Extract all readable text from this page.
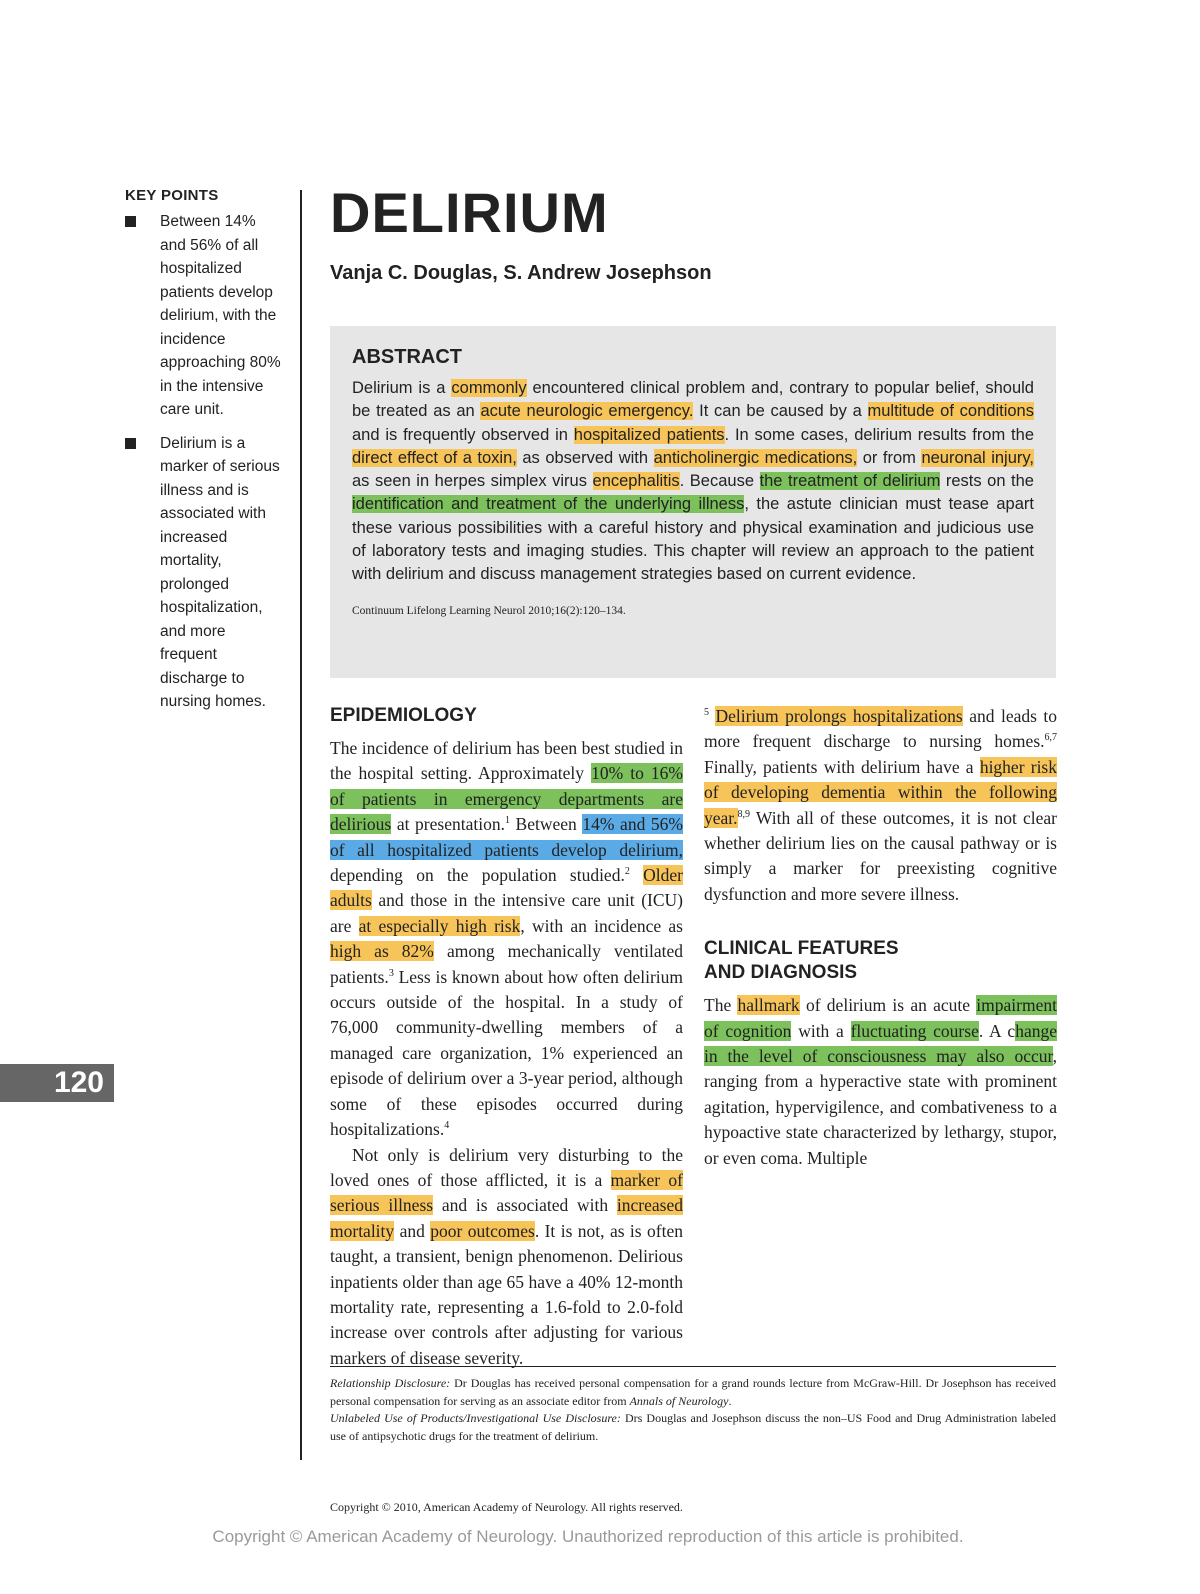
KEY POINTS
Between 14% and 56% of all hospitalized patients develop delirium, with the incidence approaching 80% in the intensive care unit.
Delirium is a marker of serious illness and is associated with increased mortality, prolonged hospitalization, and more frequent discharge to nursing homes.
120
DELIRIUM
Vanja C. Douglas, S. Andrew Josephson
ABSTRACT

Delirium is a commonly encountered clinical problem and, contrary to popular belief, should be treated as an acute neurologic emergency. It can be caused by a multitude of conditions and is frequently observed in hospitalized patients. In some cases, delirium results from the direct effect of a toxin, as observed with anticholinergic medications, or from neuronal injury, as seen in herpes simplex virus encephalitis. Because the treatment of delirium rests on the identification and treatment of the underlying illness, the astute clinician must tease apart these various possibilities with a careful history and physical examination and judicious use of laboratory tests and imaging studies. This chapter will review an approach to the patient with delirium and discuss management strategies based on current evidence.

Continuum Lifelong Learning Neurol 2010;16(2):120–134.

EPIDEMIOLOGY

The incidence of delirium has been best studied in the hospital setting. Approximately 10% to 16% of patients in emergency departments are delirious at presentation.$^1$ Between 14% and 56% of all hospitalized patients develop delirium, depending on the population studied.$^2$ Older adults and those in the intensive care unit (ICU) are at especially high risk, with an incidence as high as 82% among mechanically ventilated patients.$^3$ Less is known about how often delirium occurs outside of the hospital. In a study of 76,000 community-dwelling members of a managed care organization, 1% experienced an episode of delirium over a 3-year period, although some of these episodes occurred during hospitalizations.$^4$

Not only is delirium very disturbing to the loved ones of those afflicted, it is a marker of serious illness and is associated with increased mortality and poor outcomes. It is not, as is often taught, a transient, benign phenomenon. Delirious inpatients older than age 65 have a 40% 12-month mortality rate, representing a 1.6-fold to 2.0-fold increase over controls after adjusting for various markers of disease severity.

$^5$ Delirium prolongs hospitalizations and leads to more frequent discharge to nursing homes.$^{6,7}$ Finally, patients with delirium have a higher risk of developing dementia within the following year.$^{8,9}$ With all of these outcomes, it is not clear whether delirium lies on the causal pathway or is simply a marker for preexisting cognitive dysfunction and more severe illness.

CLINICAL FEATURES
AND DIAGNOSIS

The hallmark of delirium is an acute impairment of cognition with a fluctuating course. A change in the level of consciousness may also occur, ranging from a hyperactive state with prominent agitation, hypervigilence, and combativeness to a hypoactive state characterized by lethargy, stupor, or even coma. Multiple

Relationship Disclosure: Dr Douglas has received personal compensation for a grand rounds lecture from McGraw-Hill. Dr Josephson has received personal compensation for serving as an associate editor from Annals of Neurology.

Unlabeled Use of Products/Investigational Use Disclosure: Drs Douglas and Josephson discuss the non–US Food and Drug Administration labeled use of antipsychotic drugs for the treatment of delirium.

Copyright © 2010, American Academy of Neurology. All rights reserved.
Copyright © American Academy of Neurology. Unauthorized reproduction of this article is prohibited.
